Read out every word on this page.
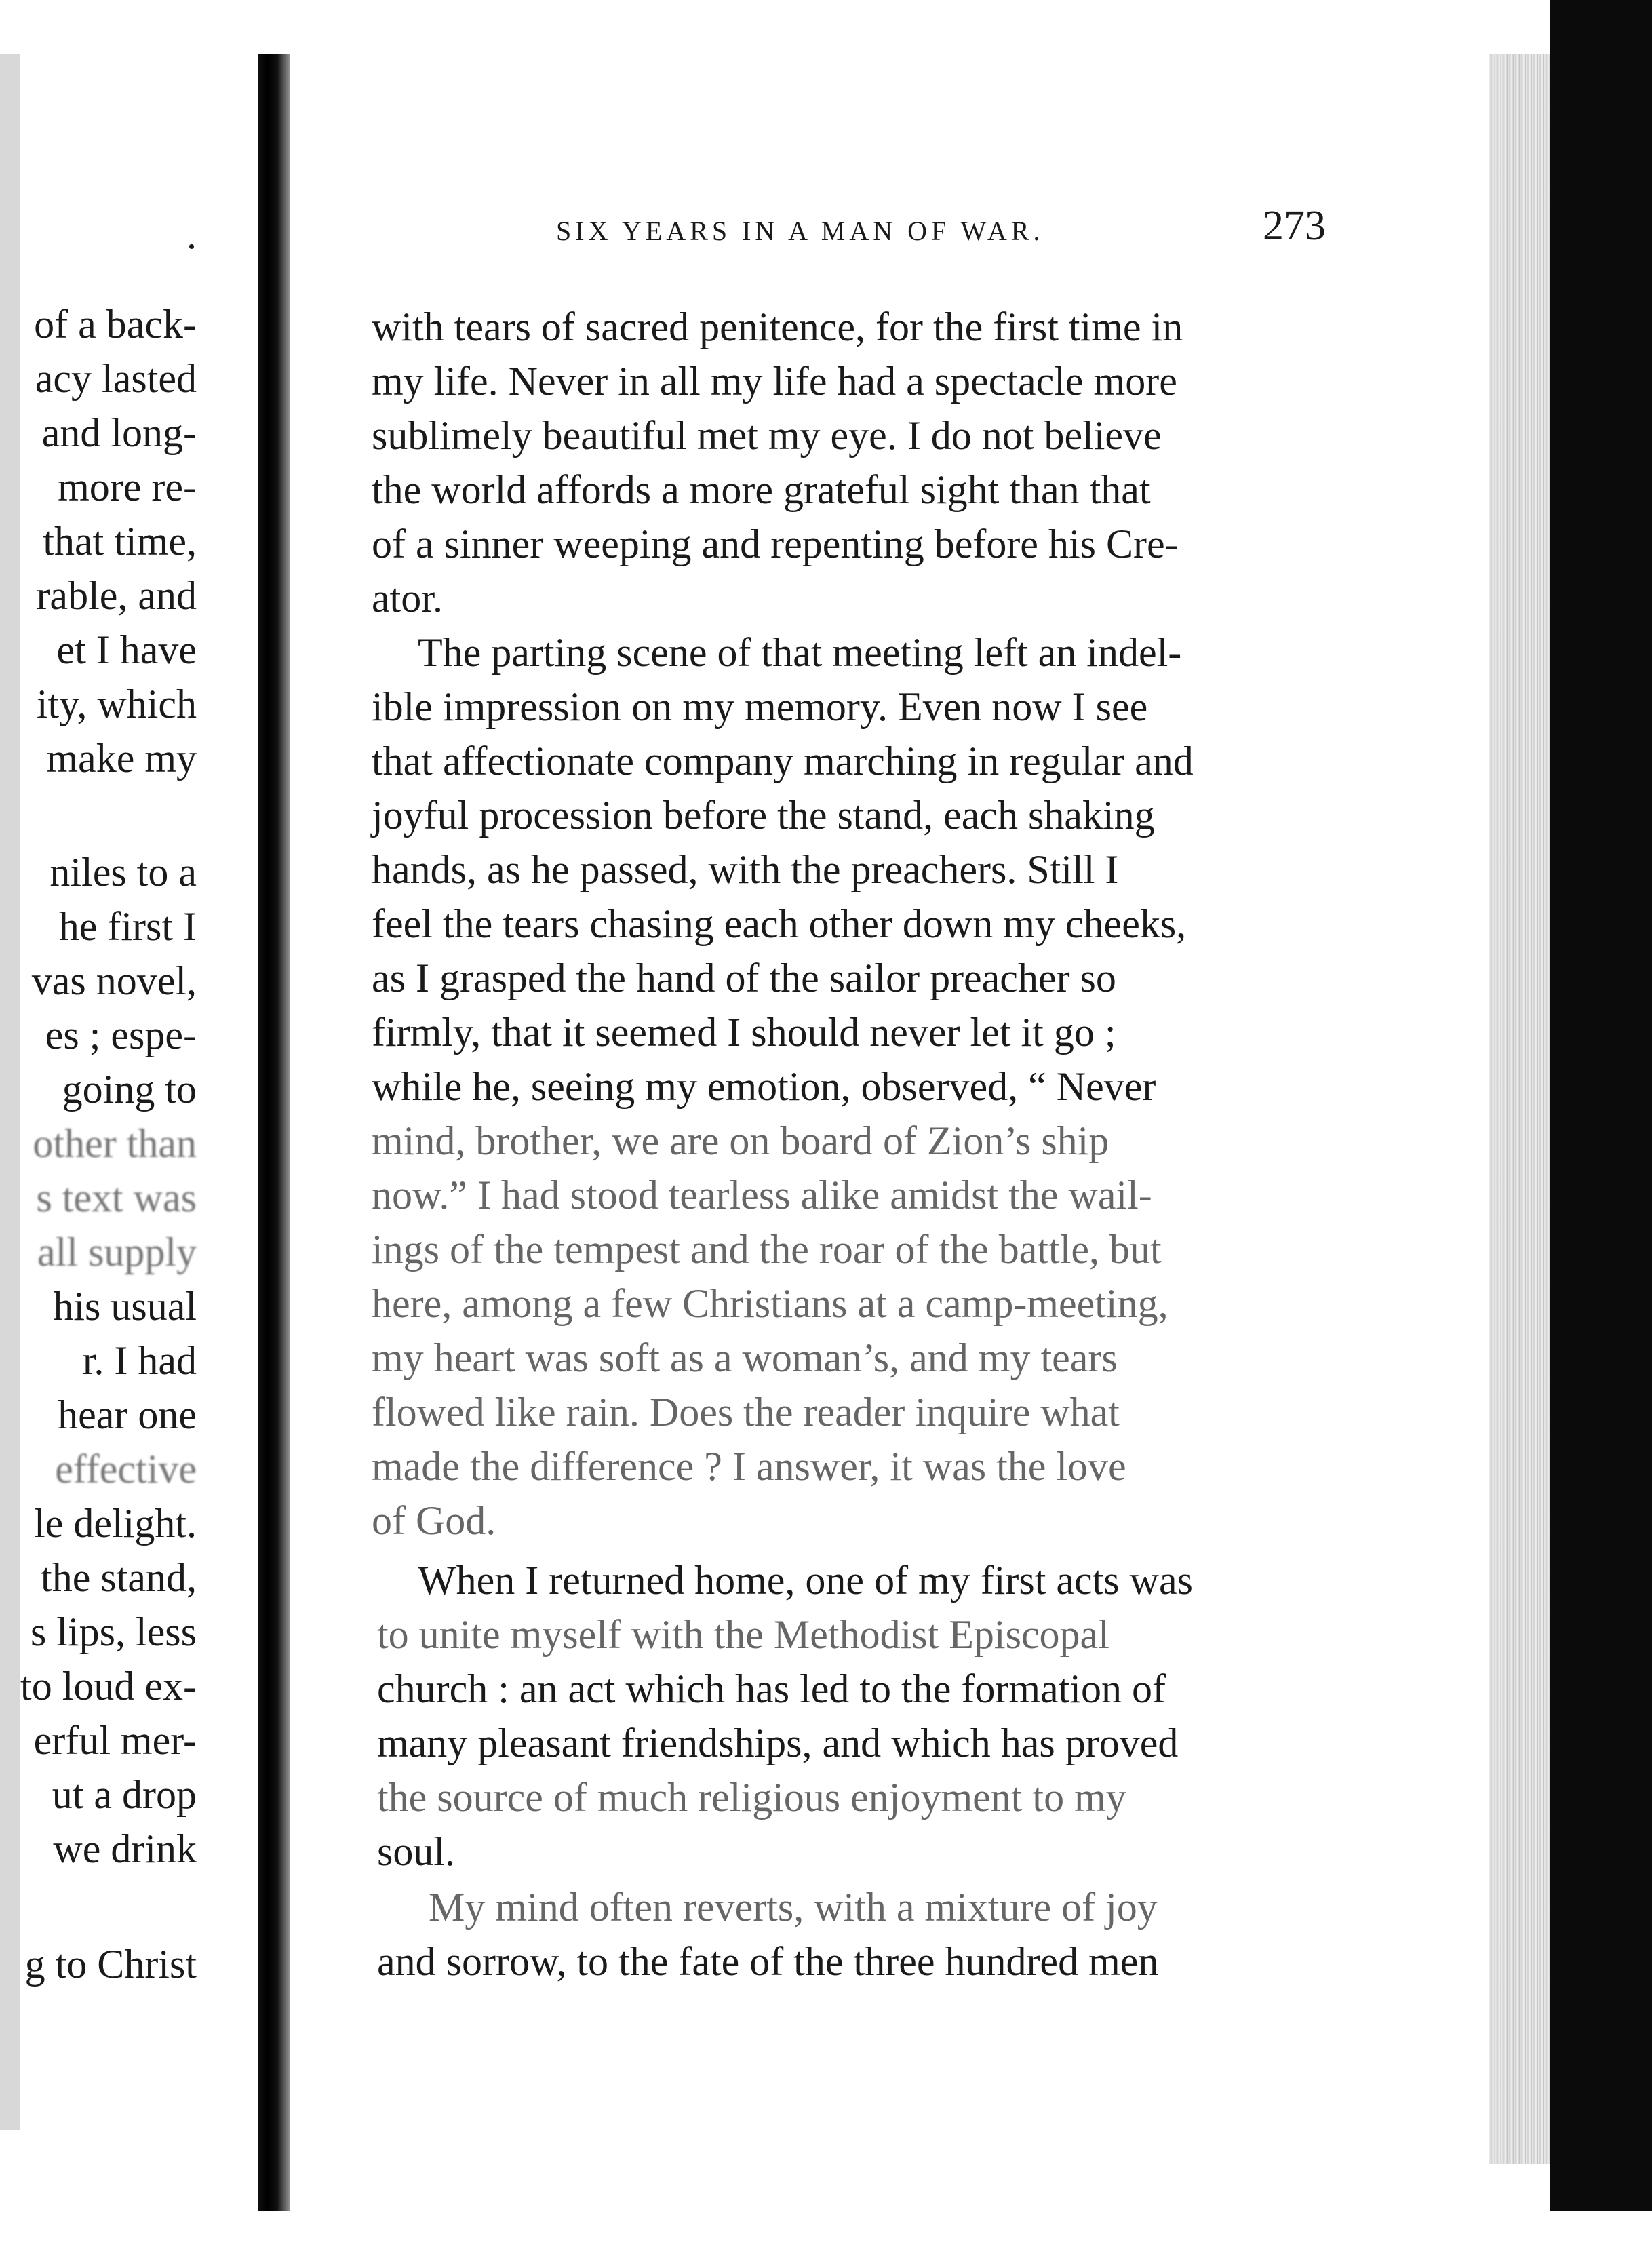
.
of a back-
acy lasted
and long-
more re-
that time,
rable, and
et I have
ity, which
make my
niles to a
he first I
vas novel,
es ; espe-
going to
other than
s text was
all supply
his usual
r. I had
hear one
effective
le delight.
the stand,
s lips, less
to loud ex-
erful mer-
ut a drop
we drink
g to Christ
SIX YEARS IN A MAN OF WAR.	273
with tears of sacred penitence, for the first time in
my life. Never in all my life had a spectacle more
sublimely beautiful met my eye. I do not believe
the world affords a more grateful sight than that
of a sinner weeping and repenting before his Cre-
ator.
The parting scene of that meeting left an indel-
ible impression on my memory. Even now I see
that affectionate company marching in regular and
joyful procession before the stand, each shaking
hands, as he passed, with the preachers. Still I
feel the tears chasing each other down my cheeks,
as I grasped the hand of the sailor preacher so
firmly, that it seemed I should never let it go ;
while he, seeing my emotion, observed, “ Never
mind, brother, we are on board of Zion’s ship
now.” I had stood tearless alike amidst the wail-
ings of the tempest and the roar of the battle, but
here, among a few Christians at a camp-meeting,
my heart was soft as a woman’s, and my tears
flowed like rain. Does the reader inquire what
made the difference ? I answer, it was the love
of God.
When I returned home, one of my first acts was
to unite myself with the Methodist Episcopal
church : an act which has led to the formation of
many pleasant friendships, and which has proved
the source of much religious enjoyment to my
soul.
My mind often reverts, with a mixture of joy
and sorrow, to the fate of the three hundred men
